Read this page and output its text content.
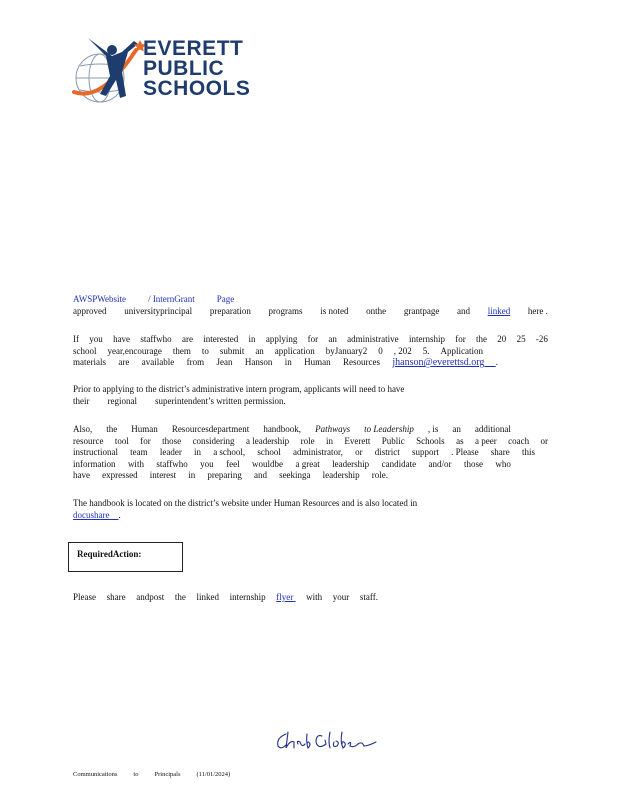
EVERETT
PUBLIC
SCHOOLS
AWSPWebsite / InternGrant Page
approved universityprincipal preparation programs is noted onthe grantpage and linked here .
If you have staffwho are interested in applying for an administrative internship for the 20 25 -26
school year,encourage them to submit an application byJanuary2 0 , 202 5. Application
materials are available from Jean Hanson in Human Resources jhanson@everettsd.org .
Prior to applying to the district’s administrative intern program, applicants will need to have
their regional superintendent’s written permission.
Also, the Human Resourcesdepartment handbook, Pathways to Leadership , is an additional
resource tool for those considering a leadership role in Everett Public Schools as a peer coach or
instructional team leader in a school, school administrator, or district support . Please share this
information with staffwho you feel wouldbe a great leadership candidate and/or those who
have expressed interest in preparing and seekinga leadership role.
The handbook is located on the district’s website under Human Resources and is also located in
docushare
.
RequiredAction:
Please share andpost the linked internship flyer with your staff.
Communications to Principals (11/01/2024)
